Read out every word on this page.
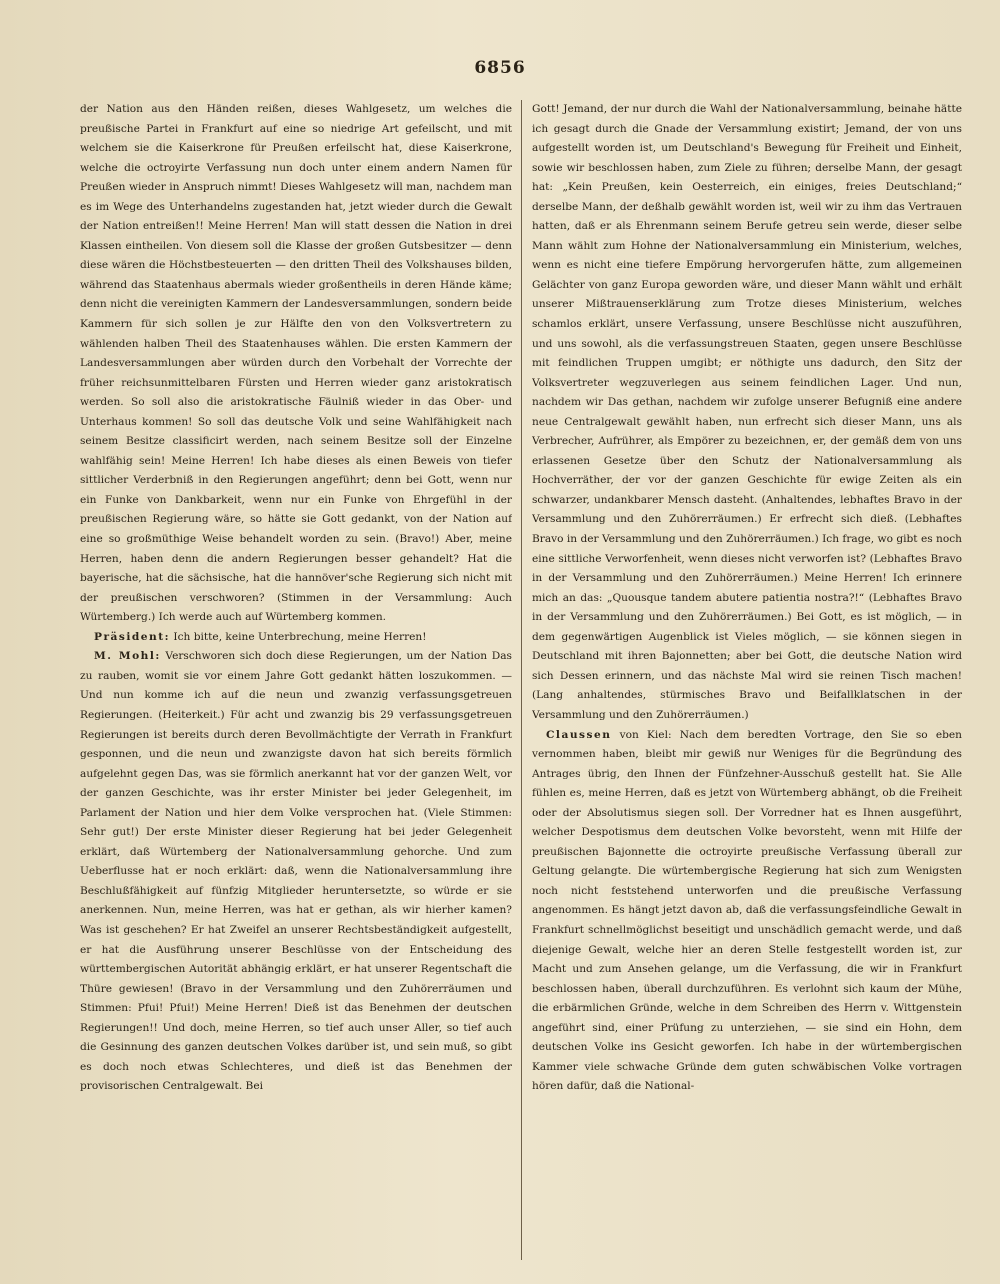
6856

der Nation aus den Händen reißen, dieses Wahlgesetz, um welches die preußische Partei in Frankfurt auf eine so niedrige Art gefeilscht, und mit welchem sie die Kaiserkrone für Preußen erfeilscht hat, diese Kaiserkrone, welche die octroyirte Verfassung nun doch unter einem andern Namen für Preußen wieder in Anspruch nimmt! Dieses Wahlgesetz will man, nachdem man es im Wege des Unterhandelns zugestanden hat, jetzt wieder durch die Gewalt der Nation entreißen!! Meine Herren! Man will statt dessen die Nation in drei Klassen eintheilen. Von diesem soll die Klasse der großen Gutsbesitzer — denn diese wären die Höchstbesteuerten — den dritten Theil des Volkshauses bilden, während das Staatenhaus abermals wieder großentheils in deren Hände käme; denn nicht die vereinigten Kammern der Landesversammlungen, sondern beide Kammern für sich sollen je zur Hälfte den von den Volksvertretern zu wählenden halben Theil des Staatenhauses wählen. Die ersten Kammern der Landesversammlungen aber würden durch den Vorbehalt der Vorrechte der früher reichsunmittelbaren Fürsten und Herren wieder ganz aristokratisch werden. So soll also die aristokratische Fäulniß wieder in das Ober- und Unterhaus kommen! So soll das deutsche Volk und seine Wahlfähigkeit nach seinem Besitze classificirt werden, nach seinem Besitze soll der Einzelne wahlfähig sein! Meine Herren! Ich habe dieses als einen Beweis von tiefer sittlicher Verderbniß in den Regierungen angeführt; denn bei Gott, wenn nur ein Funke von Dankbarkeit, wenn nur ein Funke von Ehrgefühl in der preußischen Regierung wäre, so hätte sie Gott gedankt, von der Nation auf eine so großmüthige Weise behandelt worden zu sein. (Bravo!) Aber, meine Herren, haben denn die andern Regierungen besser gehandelt? Hat die bayerische, hat die sächsische, hat die hannöver'sche Regierung sich nicht mit der preußischen verschworen? (Stimmen in der Versammlung: Auch Würtemberg.) Ich werde auch auf Würtemberg kommen.

Präsident: Ich bitte, keine Unterbrechung, meine Herren!

M. Mohl: Verschworen sich doch diese Regierungen, um der Nation Das zu rauben, womit sie vor einem Jahre Gott gedankt hätten loszukommen. — Und nun komme ich auf die neun und zwanzig verfassungsgetreuen Regierungen. (Heiterkeit.) Für acht und zwanzig bis 29 verfassungsgetreuen Regierungen ist bereits durch deren Bevollmächtigte der Verrath in Frankfurt gesponnen, und die neun und zwanzigste davon hat sich bereits förmlich aufgelehnt gegen Das, was sie förmlich anerkannt hat vor der ganzen Welt, vor der ganzen Geschichte, was ihr erster Minister bei jeder Gelegenheit, im Parlament der Nation und hier dem Volke versprochen hat. (Viele Stimmen: Sehr gut!) Der erste Minister dieser Regierung hat bei jeder Gelegenheit erklärt, daß Würtemberg der Nationalversammlung gehorche. Und zum Ueberflusse hat er noch erklärt: daß, wenn die Nationalversammlung ihre Beschlußfähigkeit auf fünfzig Mitglieder heruntersetzte, so würde er sie anerkennen. Nun, meine Herren, was hat er gethan, als wir hierher kamen? Was ist geschehen? Er hat Zweifel an unserer Rechtsbeständigkeit aufgestellt, er hat die Ausführung unserer Beschlüsse von der Entscheidung des württembergischen Autorität abhängig erklärt, er hat unserer Regentschaft die Thüre gewiesen! (Bravo in der Versammlung und den Zuhörerräumen und Stimmen: Pfui! Pfui!) Meine Herren! Dieß ist das Benehmen der deutschen Regierungen!! Und doch, meine Herren, so tief auch unser Aller, so tief auch die Gesinnung des ganzen deutschen Volkes darüber ist, und sein muß, so gibt es doch noch etwas Schlechteres, und dieß ist das Benehmen der provisorischen Centralgewalt. Bei

Gott! Jemand, der nur durch die Wahl der Nationalversammlung, beinahe hätte ich gesagt durch die Gnade der Versammlung existirt; Jemand, der von uns aufgestellt worden ist, um Deutschland's Bewegung für Freiheit und Einheit, sowie wir beschlossen haben, zum Ziele zu führen; derselbe Mann, der gesagt hat: „Kein Preußen, kein Oesterreich, ein einiges, freies Deutschland;“ derselbe Mann, der deßhalb gewählt worden ist, weil wir zu ihm das Vertrauen hatten, daß er als Ehrenmann seinem Berufe getreu sein werde, dieser selbe Mann wählt zum Hohne der Nationalversammlung ein Ministerium, welches, wenn es nicht eine tiefere Empörung hervorgerufen hätte, zum allgemeinen Gelächter von ganz Europa geworden wäre, und dieser Mann wählt und erhält unserer Mißtrauenserklärung zum Trotze dieses Ministerium, welches schamlos erklärt, unsere Verfassung, unsere Beschlüsse nicht auszuführen, und uns sowohl, als die verfassungstreuen Staaten, gegen unsere Beschlüsse mit feindlichen Truppen umgibt; er nöthigte uns dadurch, den Sitz der Volksvertreter wegzuverlegen aus seinem feindlichen Lager. Und nun, nachdem wir Das gethan, nachdem wir zufolge unserer Befugniß eine andere neue Centralgewalt gewählt haben, nun erfrecht sich dieser Mann, uns als Verbrecher, Aufrührer, als Empörer zu bezeichnen, er, der gemäß dem von uns erlassenen Gesetze über den Schutz der Nationalversammlung als Hochverräther, der vor der ganzen Geschichte für ewige Zeiten als ein schwarzer, undankbarer Mensch dasteht. (Anhaltendes, lebhaftes Bravo in der Versammlung und den Zuhörerräumen.) Er erfrecht sich dieß. (Lebhaftes Bravo in der Versammlung und den Zuhörerräumen.) Ich frage, wo gibt es noch eine sittliche Verworfenheit, wenn dieses nicht verworfen ist? (Lebhaftes Bravo in der Versammlung und den Zuhörerräumen.) Meine Herren! Ich erinnere mich an das: „Quousque tandem abutere patientia nostra?!“ (Lebhaftes Bravo in der Versammlung und den Zuhörerräumen.) Bei Gott, es ist möglich, — in dem gegenwärtigen Augenblick ist Vieles möglich, — sie können siegen in Deutschland mit ihren Bajonnetten; aber bei Gott, die deutsche Nation wird sich Dessen erinnern, und das nächste Mal wird sie reinen Tisch machen! (Lang anhaltendes, stürmisches Bravo und Beifallklatschen in der Versammlung und den Zuhörerräumen.)

Claussen von Kiel: Nach dem beredten Vortrage, den Sie so eben vernommen haben, bleibt mir gewiß nur Weniges für die Begründung des Antrages übrig, den Ihnen der Fünfzehner-Ausschuß gestellt hat. Sie Alle fühlen es, meine Herren, daß es jetzt von Würtemberg abhängt, ob die Freiheit oder der Absolutismus siegen soll. Der Vorredner hat es Ihnen ausgeführt, welcher Despotismus dem deutschen Volke bevorsteht, wenn mit Hilfe der preußischen Bajonnette die octroyirte preußische Verfassung überall zur Geltung gelangte. Die würtembergische Regierung hat sich zum Wenigsten noch nicht feststehend unterworfen und die preußische Verfassung angenommen. Es hängt jetzt davon ab, daß die verfassungsfeindliche Gewalt in Frankfurt schnellmöglichst beseitigt und unschädlich gemacht werde, und daß diejenige Gewalt, welche hier an deren Stelle festgestellt worden ist, zur Macht und zum Ansehen gelange, um die Verfassung, die wir in Frankfurt beschlossen haben, überall durchzuführen. Es verlohnt sich kaum der Mühe, die erbärmlichen Gründe, welche in dem Schreiben des Herrn v. Wittgenstein angeführt sind, einer Prüfung zu unterziehen, — sie sind ein Hohn, dem deutschen Volke ins Gesicht geworfen. Ich habe in der würtembergischen Kammer viele schwache Gründe dem guten schwäbischen Volke vortragen hören dafür, daß die National-
